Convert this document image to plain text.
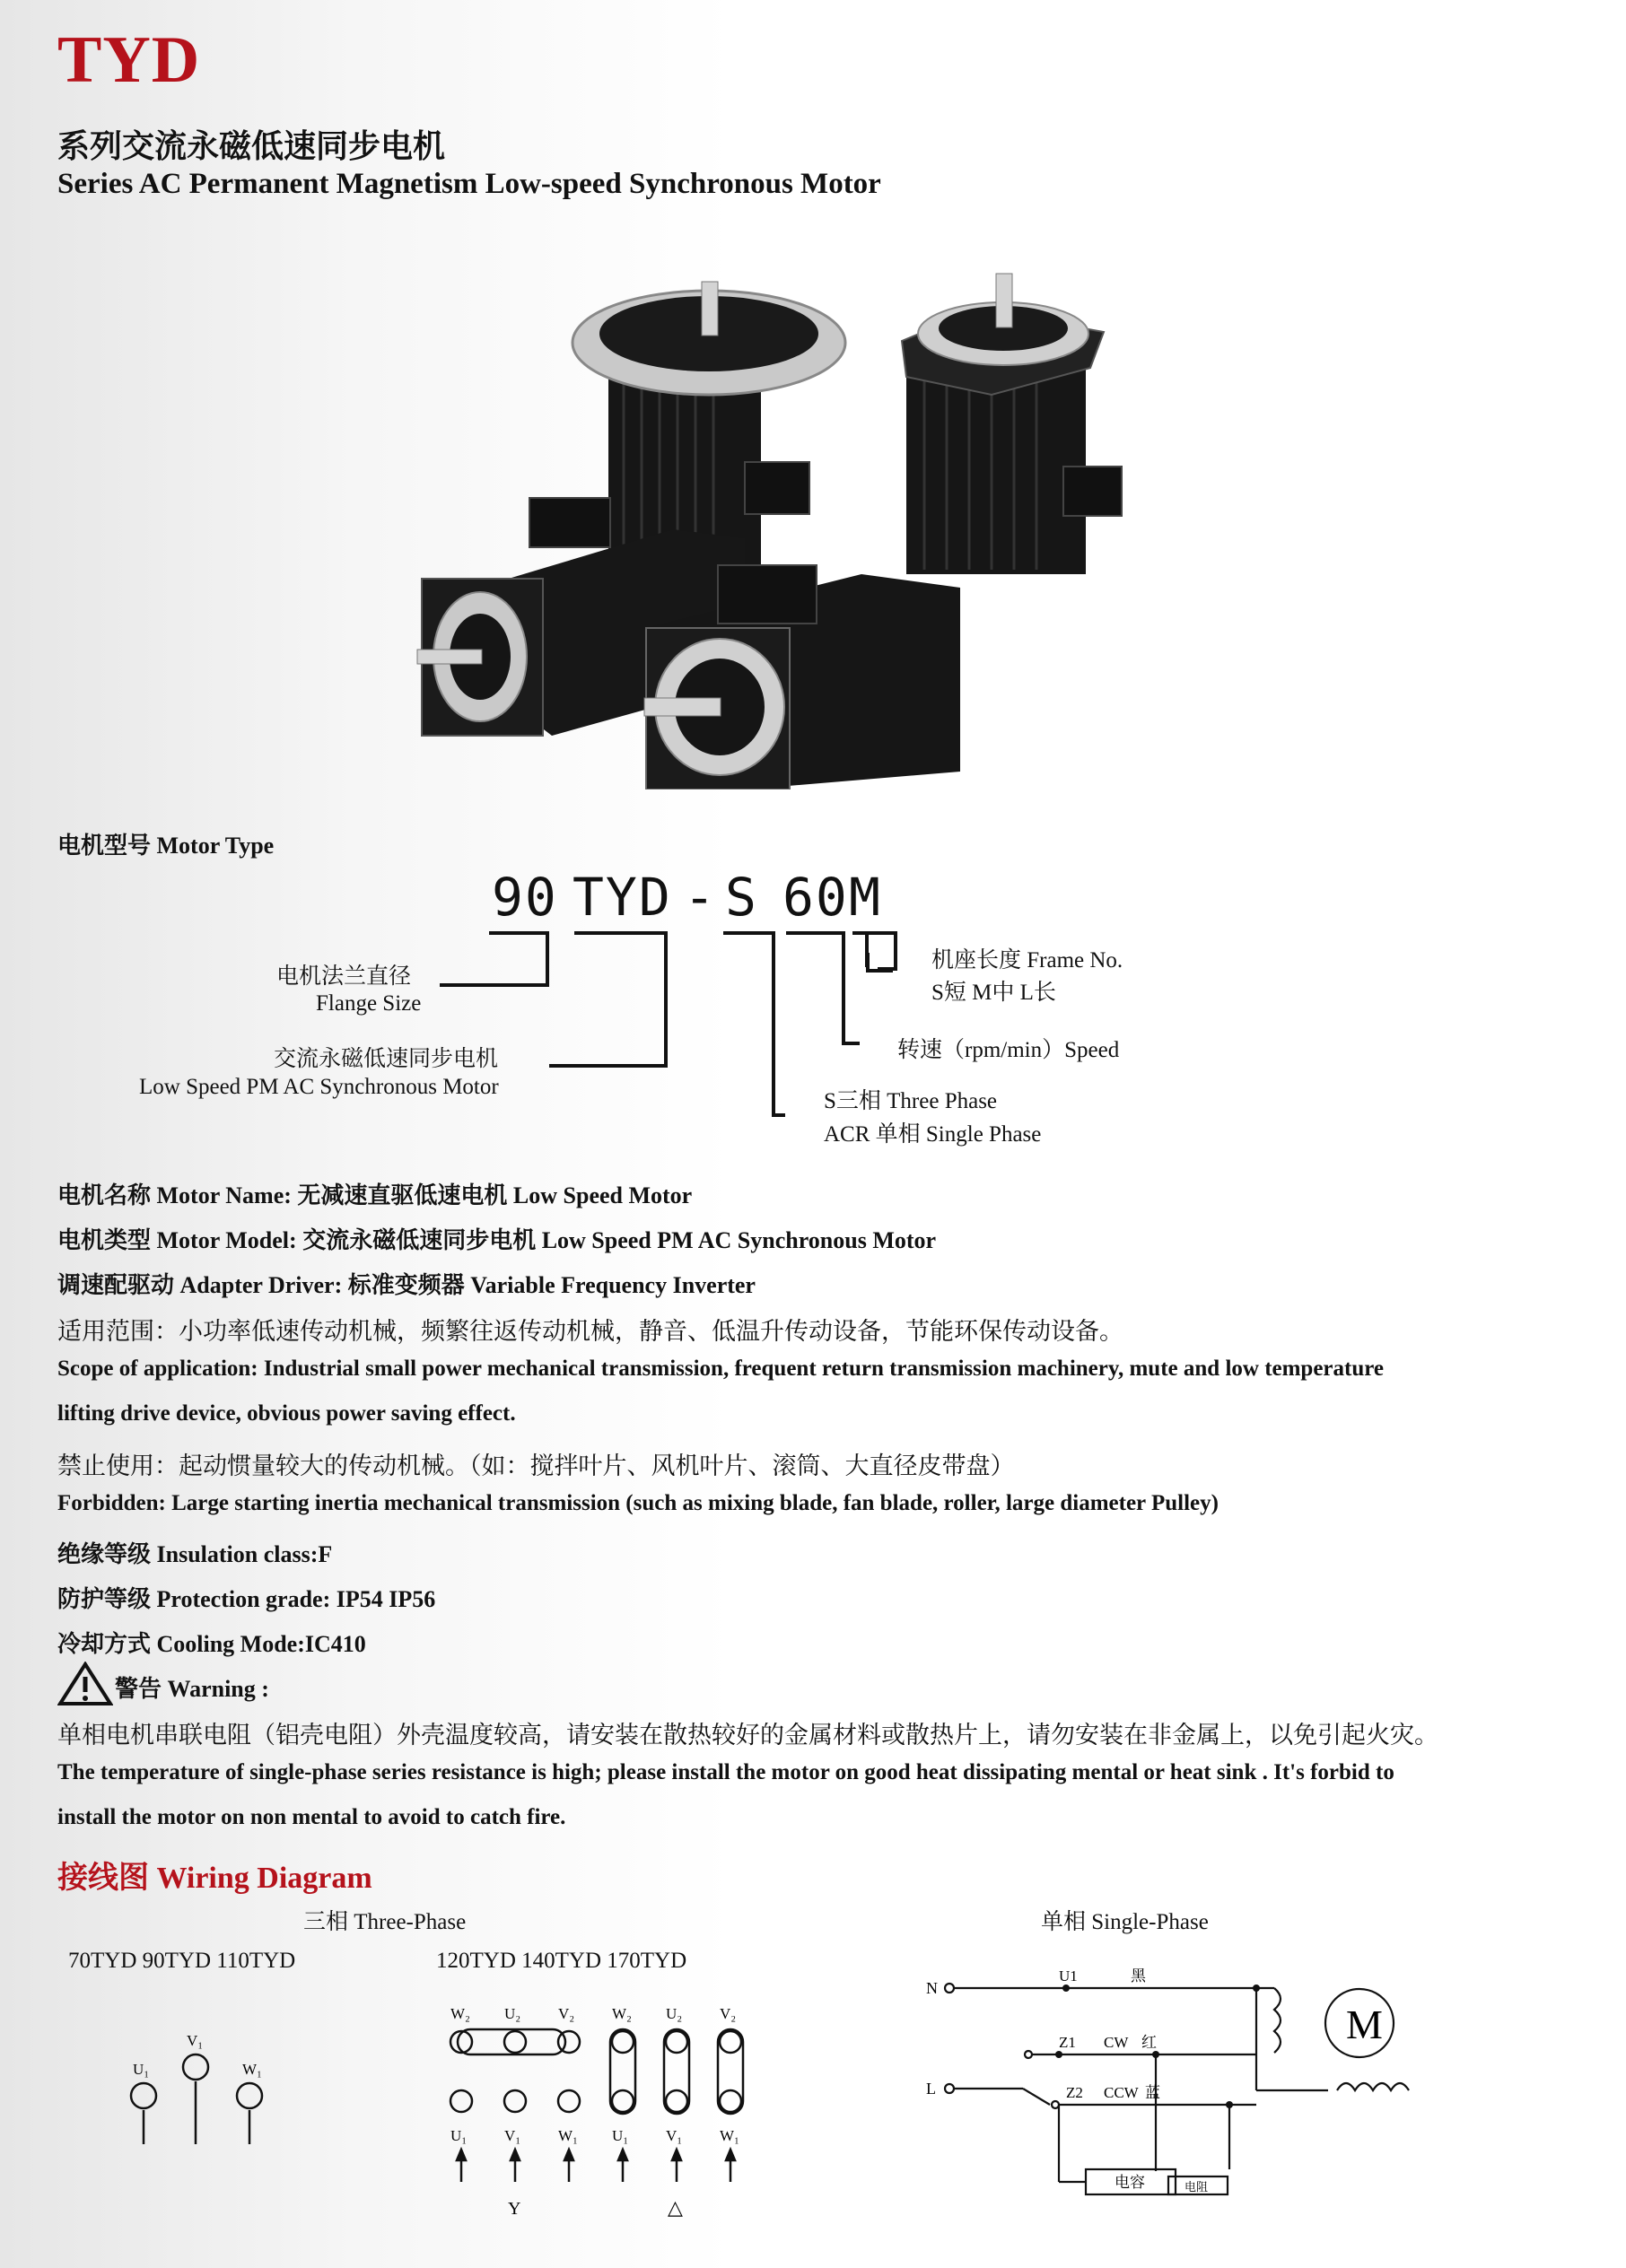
TYD
系列交流永磁低速同步电机
Series AC Permanent Magnetism Low-speed Synchronous Motor
电机型号 Motor Type
90 TYD - S 60 M
电机法兰直径
Flange Size
交流永磁低速同步电机
Low Speed PM AC Synchronous Motor
S三相 Three Phase
ACR 单相 Single Phase
转速（rpm/min）Speed
机座长度 Frame No.
S短 M中 L长
电机名称 Motor Name: 无减速直驱低速电机 Low Speed Motor
电机类型 Motor Model: 交流永磁低速同步电机 Low Speed PM AC Synchronous Motor
调速配驱动 Adapter Driver: 标准变频器 Variable Frequency Inverter
适用范围：小功率低速传动机械，频繁往返传动机械，静音、低温升传动设备，节能环保传动设备。
Scope of application: Industrial small power mechanical transmission, frequent return transmission machinery, mute and low temperature
lifting drive device, obvious power saving effect.
禁止使用：起动惯量较大的传动机械。（如：搅拌叶片、风机叶片、滚筒、大直径皮带盘）
Forbidden: Large starting inertia mechanical transmission (such as mixing blade, fan blade, roller, large diameter Pulley)
绝缘等级 Insulation class:F
防护等级 Protection grade: IP54 IP56
冷却方式 Cooling Mode:IC410
警告 Warning :
单相电机串联电阻（铝壳电阻）外壳温度较高，请安装在散热较好的金属材料或散热片上，请勿安装在非金属上，以免引起火灾。
The temperature of single-phase series resistance is high; please install the motor on good heat dissipating mental or heat sink . It's forbid to
install the motor on non mental to avoid to catch fire.
接线图 Wiring Diagram
三相 Three-Phase	单相 Single-Phase
70TYD 90TYD 110TYD	120TYD 140TYD 170TYD
U₁
V₁
W₁
W₂ U₂ V₂ W₂ U₂ V₂
U₁ V₁ W₁ U₁ V₁ W₁
Y	△
N
L
U1	黑
Z1 CW 红
Z2 CCW 蓝
电容	电阻
M
